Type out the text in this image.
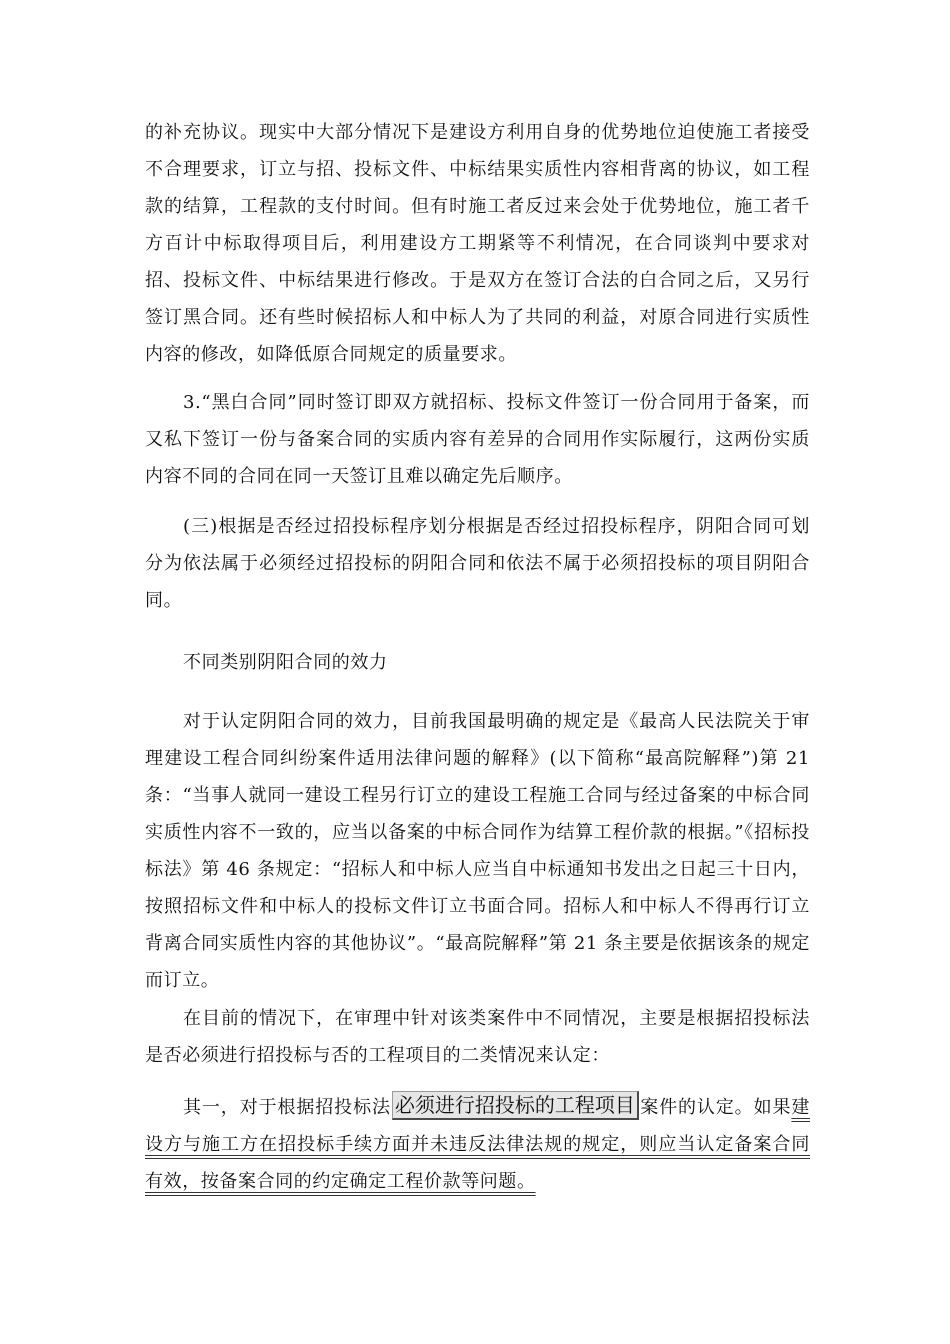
的补充协议。现实中大部分情况下是建设方利用自身的优势地位迫使施工者接受不合理要求，订立与招、投标文件、中标结果实质性内容相背离的协议，如工程款的结算，工程款的支付时间。但有时施工者反过来会处于优势地位，施工者千方百计中标取得项目后，利用建设方工期紧等不利情况，在合同谈判中要求对招、投标文件、中标结果进行修改。于是双方在签订合法的白合同之后，又另行签订黑合同。还有些时候招标人和中标人为了共同的利益，对原合同进行实质性内容的修改，如降低原合同规定的质量要求。

3.“黑白合同”同时签订即双方就招标、投标文件签订一份合同用于备案，而又私下签订一份与备案合同的实质内容有差异的合同用作实际履行，这两份实质内容不同的合同在同一天签订且难以确定先后顺序。

(三)根据是否经过招投标程序划分根据是否经过招投标程序，阴阳合同可划分为依法属于必须经过招投标的阴阳合同和依法不属于必须招投标的项目阴阳合同。

不同类别阴阳合同的效力

对于认定阴阳合同的效力，目前我国最明确的规定是《最高人民法院关于审理建设工程合同纠纷案件适用法律问题的解释》(以下简称“最高院解释”)第 21 条：“当事人就同一建设工程另行订立的建设工程施工合同与经过备案的中标合同实质性内容不一致的，应当以备案的中标合同作为结算工程价款的根据。”《招标投标法》第 46 条规定：“招标人和中标人应当自中标通知书发出之日起三十日内，按照招标文件和中标人的投标文件订立书面合同。招标人和中标人不得再行订立背离合同实质性内容的其他协议”。“最高院解释”第 21 条主要是依据该条的规定而订立。

在目前的情况下，在审理中针对该类案件中不同情况，主要是根据招投标法是否必须进行招投标与否的工程项目的二类情况来认定：

其一，对于根据招投标法 必须进行招投标的工程项目 案件的认定。如果建设方与施工方在招投标手续方面并未违反法律法规的规定，则应当认定备案合同有效，按备案合同的约定确定工程价款等问题。
